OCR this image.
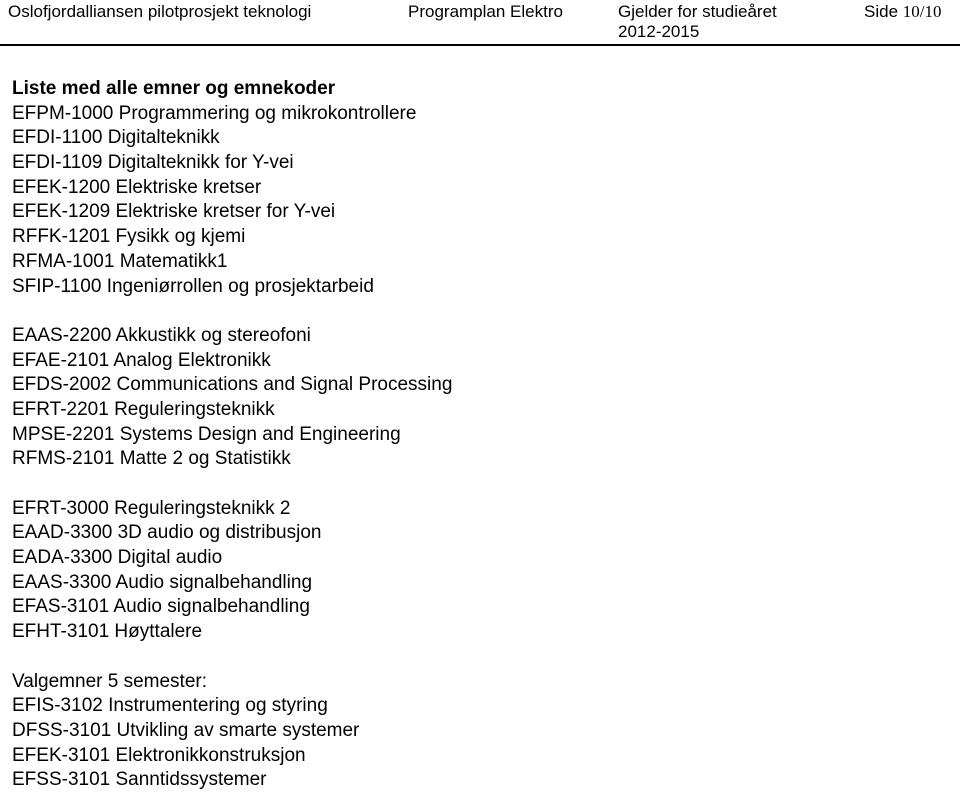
Oslofjordalliansen pilotprosjekt teknologi	Programplan Elektro	Gjelder for studieåret
2012-2015
Side 10/10
Liste med alle emner og emnekoder
EFPM-1000 Programmering og mikrokontrollere
EFDI-1100 Digitalteknikk
EFDI-1109 Digitalteknikk for Y-vei
EFEK-1200 Elektriske kretser
EFEK-1209 Elektriske kretser for Y-vei
RFFK-1201 Fysikk og kjemi
RFMA-1001 Matematikk1
SFIP-1100 Ingeniørrollen og prosjektarbeid
EAAS-2200 Akkustikk og stereofoni
EFAE-2101 Analog Elektronikk
EFDS-2002 Communications and Signal Processing
EFRT-2201 Reguleringsteknikk
MPSE-2201 Systems Design and Engineering
RFMS-2101 Matte 2 og Statistikk
EFRT-3000 Reguleringsteknikk 2
EAAD-3300 3D audio og distribusjon
EADA-3300 Digital audio
EAAS-3300 Audio signalbehandling
EFAS-3101 Audio signalbehandling
EFHT-3101 Høyttalere
Valgemner 5 semester:
EFIS-3102 Instrumentering og styring
DFSS-3101 Utvikling av smarte systemer
EFEK-3101 Elektronikkonstruksjon
EFSS-3101 Sanntidssystemer
